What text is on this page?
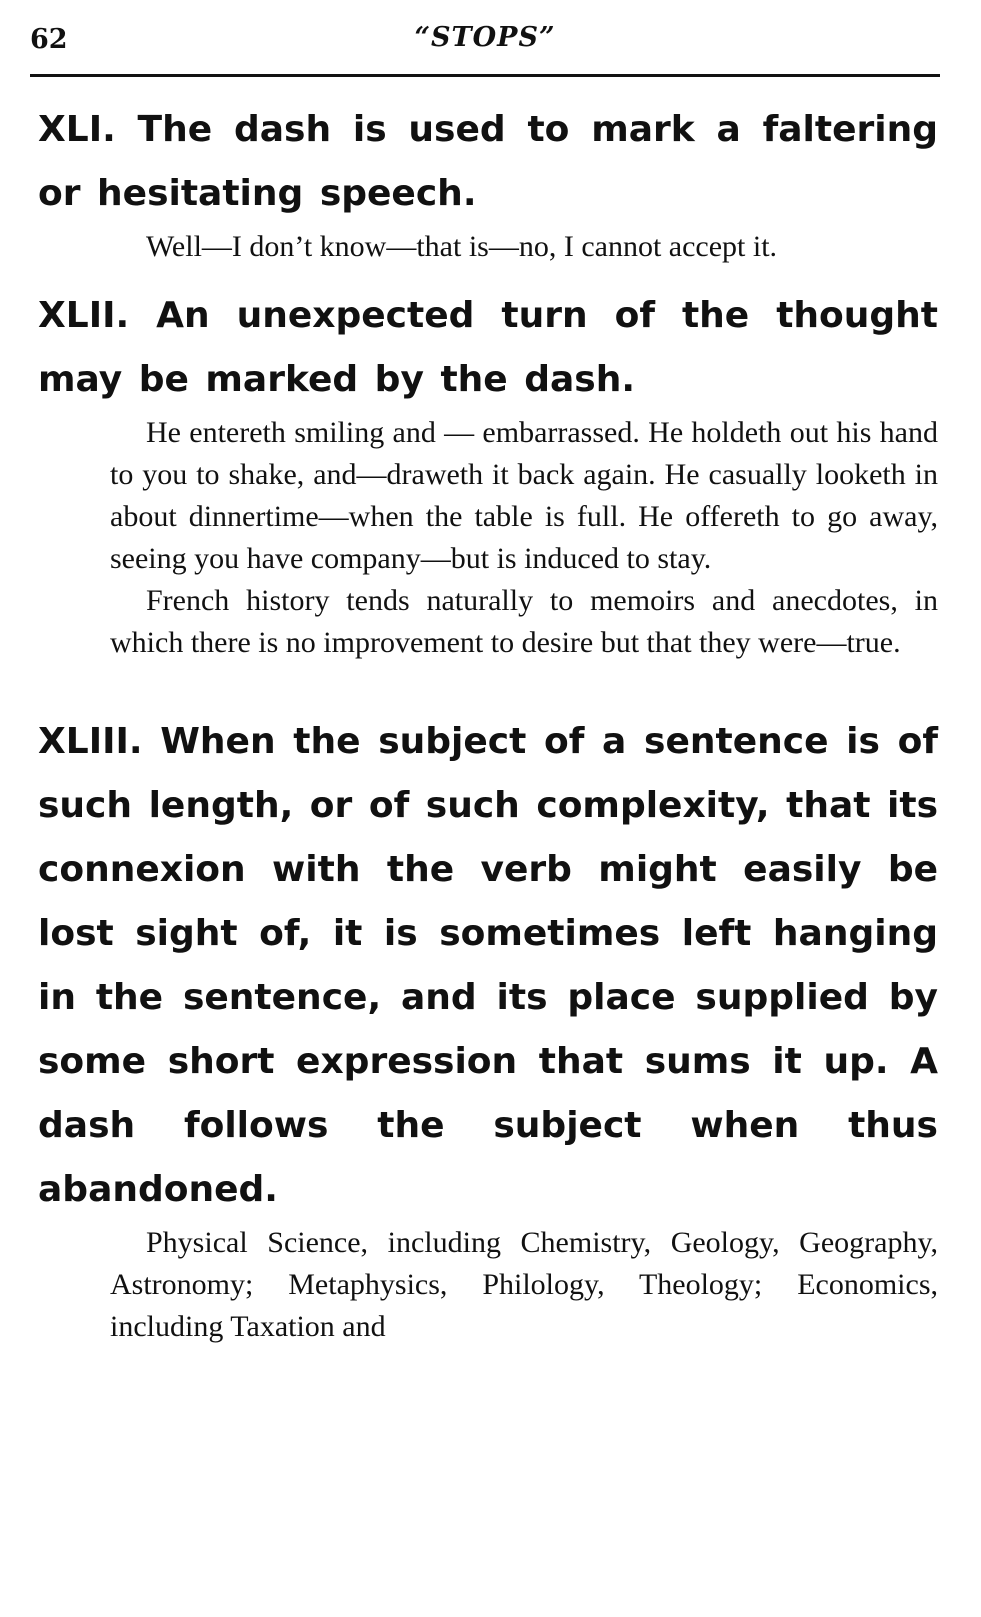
62	“STOPS”

XLI. The dash is used to mark a faltering or hesitating speech.

Well—I don’t know—that is—no, I cannot accept it.

XLII. An unexpected turn of the thought may be marked by the dash.

He entereth smiling and — embarrassed. He holdeth out his hand to you to shake, and—draweth it back again. He casually looketh in about dinnertime—when the table is full. He offereth to go away, seeing you have company—but is induced to stay.

French history tends naturally to memoirs and anecdotes, in which there is no improvement to desire but that they were—true.

XLIII. When the subject of a sentence is of such length, or of such complexity, that its connexion with the verb might easily be lost sight of, it is sometimes left hanging in the sentence, and its place supplied by some short expression that sums it up. A dash follows the subject when thus abandoned.

Physical Science, including Chemistry, Geology, Geography, Astronomy; Metaphysics, Philology, Theology; Economics, including Taxation and
